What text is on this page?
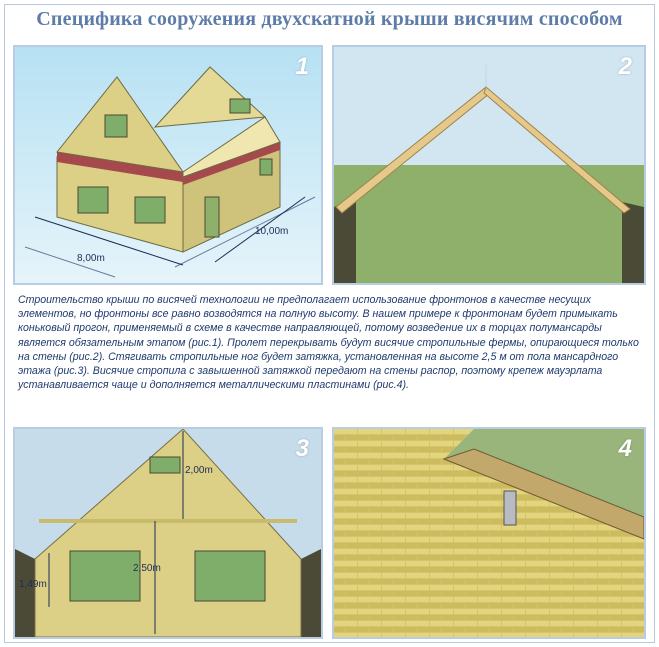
Специфика сооружения двухскатной крыши висячим способом
8,00m
10,00m
1	2

Строительство крыши по висячей технологии не предполагает использование фронтонов в качестве несущих элементов, но фронтоны все равно возводятся на полную высоту. В нашем примере к фронтонам будет примыкать коньковый прогон, применяемый в схеме в качестве направляющей, потому возведение их в торцах полумансарды является обязательным этапом (рис.1). Пролет перекрывать будут висячие стропильные фермы, опирающиеся только на стены (рис.2). Стягивать стропильные ног будет затяжка, установленная на высоте 2,5 м от пола мансардного этажа (рис.3). Висячие стропила с завышенной затяжкой передают на стены распор, поэтому крепеж мауэрлата устанавливается чаще и дополняется металлическими пластинами (рис.4).

2,00m
2,50m
1,49m
3	4
